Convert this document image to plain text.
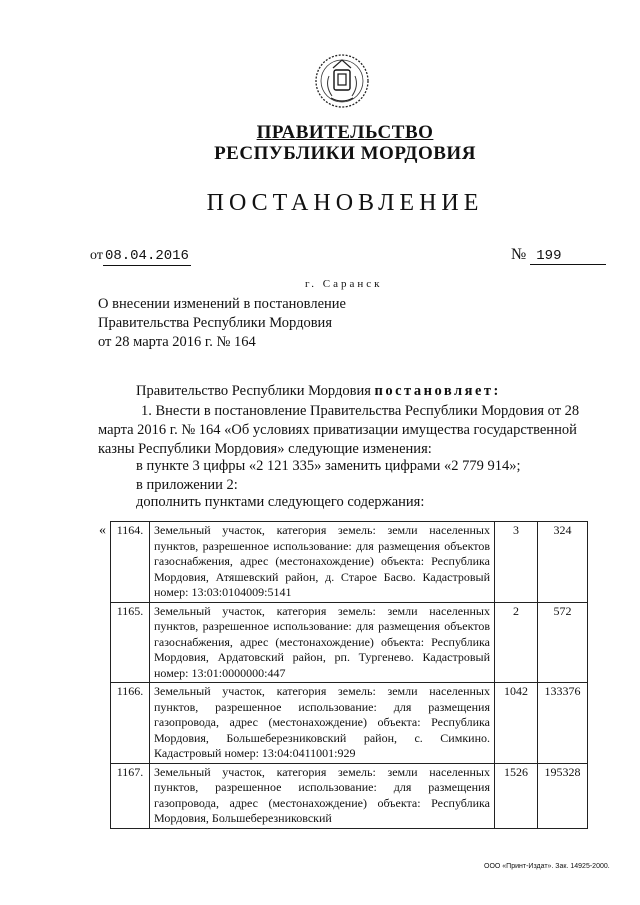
ПРАВИТЕЛЬСТВО
РЕСПУБЛИКИ МОРДОВИЯ
ПОСТАНОВЛЕНИЕ
от 08.04.2016	№ 199
г. Саранск
О внесении изменений в постановление
Правительства Республики Мордовия
от 28 марта 2016 г. № 164
Правительство Республики Мордовия постановляет:
1. Внести в постановление Правительства Республики Мордовия от 28
марта 2016 г. № 164 «Об условиях приватизации имущества государственной
казны Республики Мордовия» следующие изменения:
в пункте 3 цифры «2 121 335» заменить цифрами «2 779 914»;
в приложении 2:
дополнить пунктами следующего содержания:
« 1164.	Земельный участок, категория земель: земли населенных пунктов, разрешенное использование: для размещения объектов газоснабжения, адрес (местонахождение) объекта: Республика Мордовия, Атяшевский район, д. Старое Басво. Кадастровый номер: 13:03:0104009:5141	3	324
1165.	Земельный участок, категория земель: земли населенных пунктов, разрешенное использование: для размещения объектов газоснабжения, адрес (местонахождение) объекта: Республика Мордовия, Ардатовский район, рп. Тургенево. Кадастровый номер: 13:01:0000000:447	2	572
1166.	Земельный участок, категория земель: земли населенных пунктов, разрешенное использование: для размещения газопровода, адрес (местонахождение) объекта: Республика Мордовия, Большеберезниковский район, с. Симкино. Кадастровый номер: 13:04:0411001:929	1042	133376
1167.	Земельный участок, категория земель: земли населенных пунктов, разрешенное использование: для размещения газопровода, адрес (местонахождение) объекта: Республика Мордовия, Большеберезниковский	1526	195328
ООО «Принт-Издат». Зак. 14925-2000.
